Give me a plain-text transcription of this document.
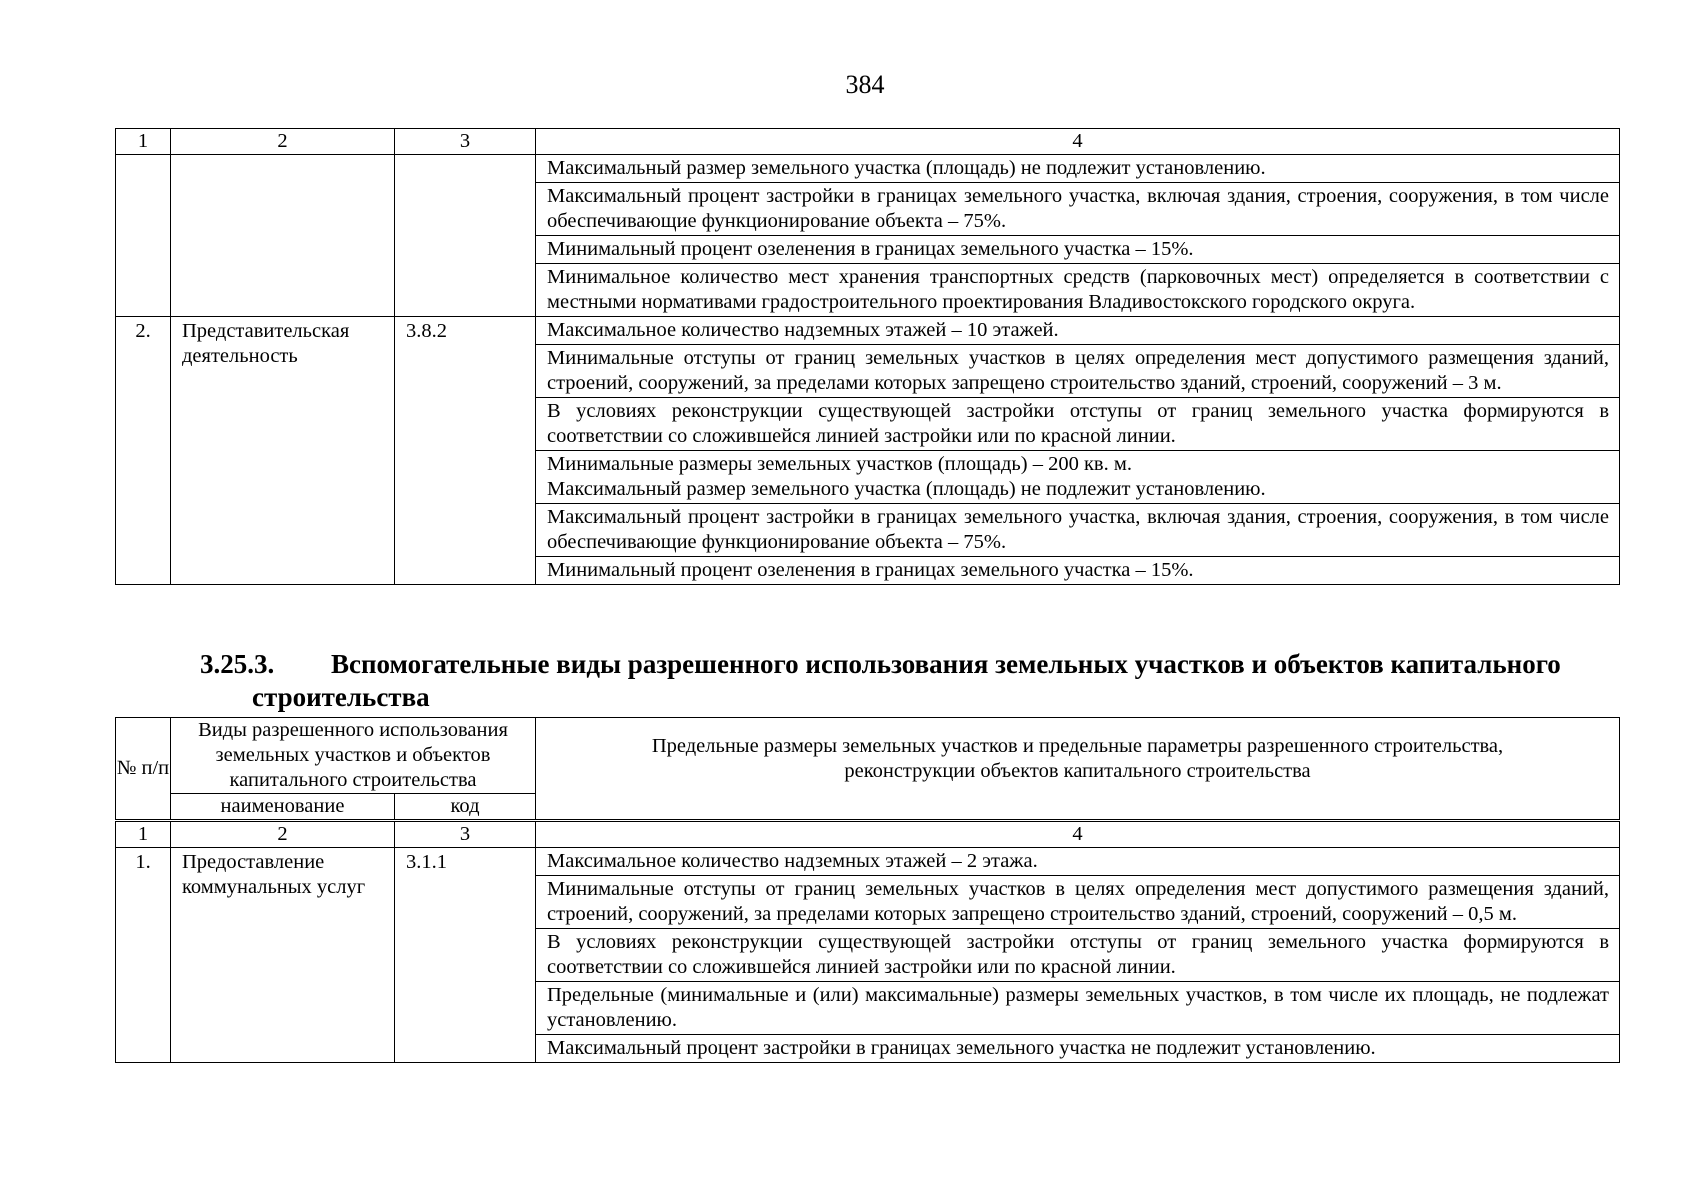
384
1	2	3	4
			Максимальный размер земельного участка (площадь) не подлежит установлению.
			Максимальный процент застройки в границах земельного участка, включая здания, строения, сооружения, в том числе обеспечивающие функционирование объекта – 75%.
			Минимальный процент озеленения в границах земельного участка – 15%.
			Минимальное количество мест хранения транспортных средств (парковочных мест) определяется в соответствии с местными нормативами градостроительного проектирования Владивостокского городского округа.
2.	Представительская деятельность	3.8.2	Максимальное количество надземных этажей – 10 этажей.
			Минимальные отступы от границ земельных участков в целях определения мест допустимого размещения зданий, строений, сооружений, за пределами которых запрещено строительство зданий, строений, сооружений – 3 м.
			В условиях реконструкции существующей застройки отступы от границ земельного участка формируются в соответствии со сложившейся линией застройки или по красной линии.

			Минимальные размеры земельных участков (площадь) – 200 кв. м.
Максимальный размер земельного участка (площадь) не подлежит установлению.

			Максимальный процент застройки в границах земельного участка, включая здания, строения, сооружения, в том числе обеспечивающие функционирование объекта – 75%.
			Минимальный процент озеленения в границах земельного участка – 15%.
3.25.3. Вспомогательные виды разрешенного использования земельных участков и объектов капитального
строительства
№ п/п	Виды разрешенного использования земельных участков и объектов капитального строительства		Предельные размеры земельных участков и предельные параметры разрешенного строительства, реконструкции объектов капитального строительства
	наименование	код	
1	2	3	4
1.	Предоставление коммунальных услуг	3.1.1	Максимальное количество надземных этажей – 2 этажа.
			Минимальные отступы от границ земельных участков в целях определения мест допустимого размещения зданий, строений, сооружений, за пределами которых запрещено строительство зданий, строений, сооружений – 0,5 м.
			В условиях реконструкции существующей застройки отступы от границ земельного участка формируются в соответствии со сложившейся линией застройки или по красной линии.
			Предельные (минимальные и (или) максимальные) размеры земельных участков, в том числе их площадь, не подлежат установлению.
			Максимальный процент застройки в границах земельного участка не подлежит установлению.
